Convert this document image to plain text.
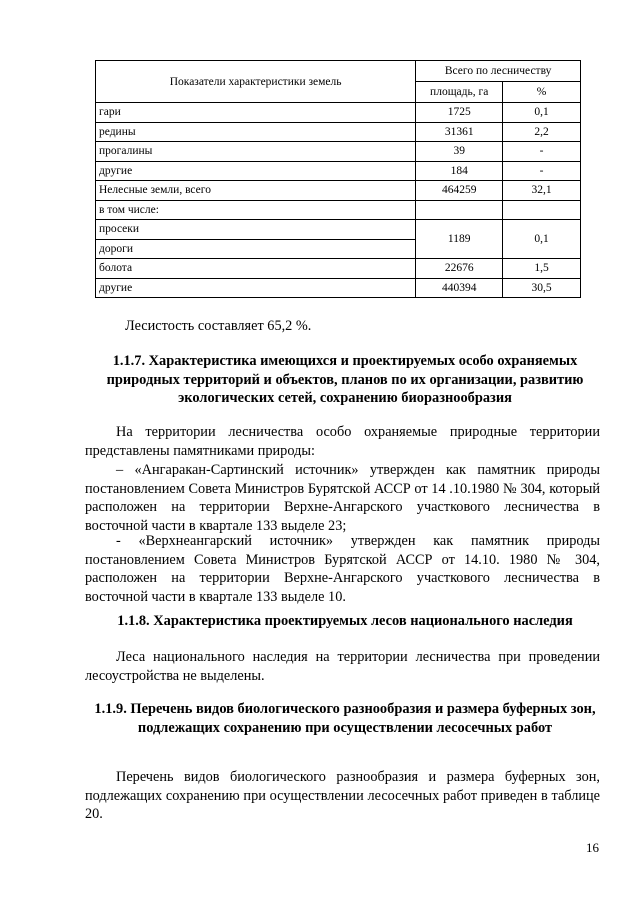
Показатели характеристики земель	Всего по лесничеству	
	площадь, га	%
гари	1725	0,1
редины	31361	2,2
прогалины	39	-
другие	184	-
Нелесные земли, всего	464259	32,1
в том числе:		
просеки	1189	0,1
дороги		
болота	22676	1,5
другие	440394	30,5

Лесистость составляет 65,2 %.

1.1.7. Характеристика имеющихся и проектируемых особо охраняемых природных территорий и объектов, планов по их организации, развитию экологических сетей, сохранению биоразнообразия

На территории лесничества особо охраняемые природные территории представлены памятниками природы:

– «Ангаракан-Сартинский источник» утвержден как памятник природы постановлением Совета Министров Бурятской АССР от 14 .10.1980 № 304, который расположен на территории Верхне-Ангарского участкового лесничества в восточной части в квартале 133 выделе 23;

- «Верхнеангарский источник» утвержден как памятник природы постановлением Совета Министров Бурятской АССР от 14.10. 1980 № 304, расположен на территории Верхне-Ангарского участкового лесничества в восточной части в квартале 133 выделе 10.

1.1.8. Характеристика проектируемых лесов национального наследия

Леса национального наследия на территории лесничества при проведении лесоустройства не выделены.

1.1.9. Перечень видов биологического разнообразия и размера буферных зон, подлежащих сохранению при осуществлении лесосечных работ

Перечень видов биологического разнообразия и размера буферных зон, подлежащих сохранению при осуществлении лесосечных работ приведен в таблице 20.

16
